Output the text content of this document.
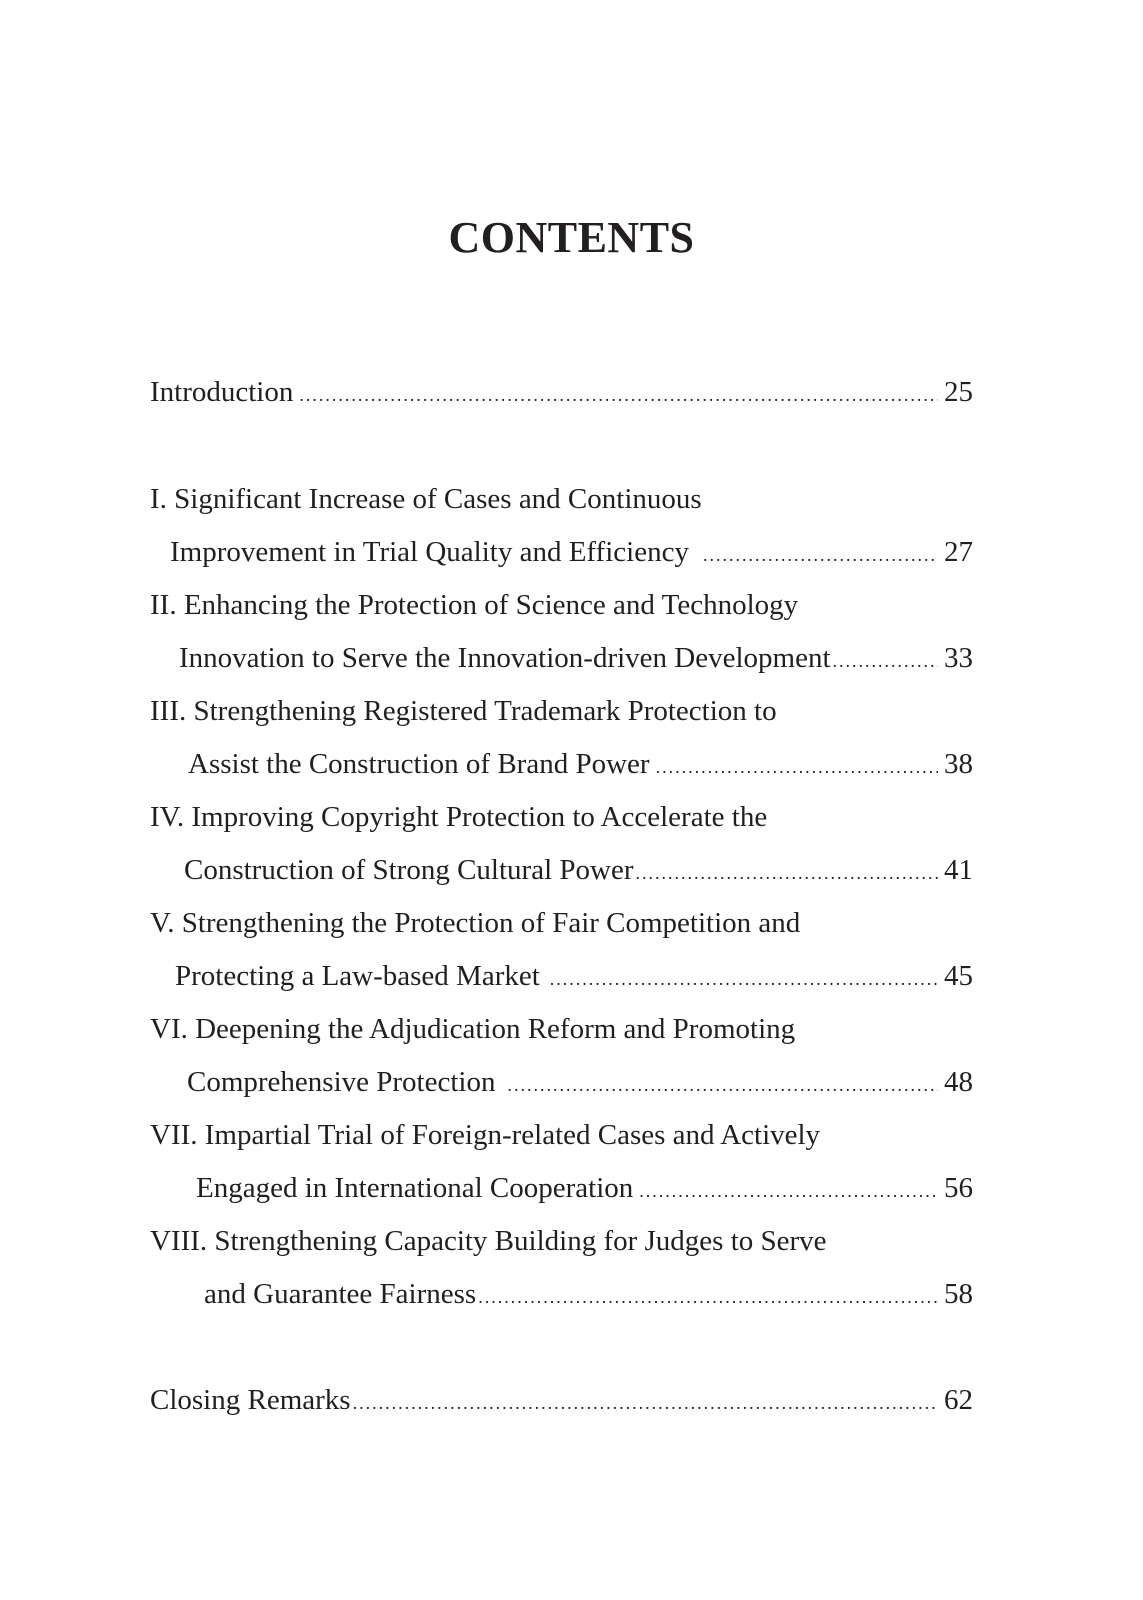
CONTENTS
Introduction .....	25
I. Significant Increase of Cases and Continuous
Improvement in Trial Quality and Efficiency .....	27
II. Enhancing the Protection of Science and Technology
Innovation to Serve the Innovation-driven Development .....	33
III. Strengthening Registered Trademark Protection to
Assist the Construction of Brand Power .....	38
IV. Improving Copyright Protection to Accelerate the
Construction of Strong Cultural Power .....	41
V. Strengthening the Protection of Fair Competition and
Protecting a Law-based Market .....	45
VI. Deepening the Adjudication Reform and Promoting
Comprehensive Protection .....	48
VII. Impartial Trial of Foreign-related Cases and Actively
Engaged in International Cooperation .....	56
VIII. Strengthening Capacity Building for Judges to Serve
and Guarantee Fairness .....	58
Closing Remarks .....	62
